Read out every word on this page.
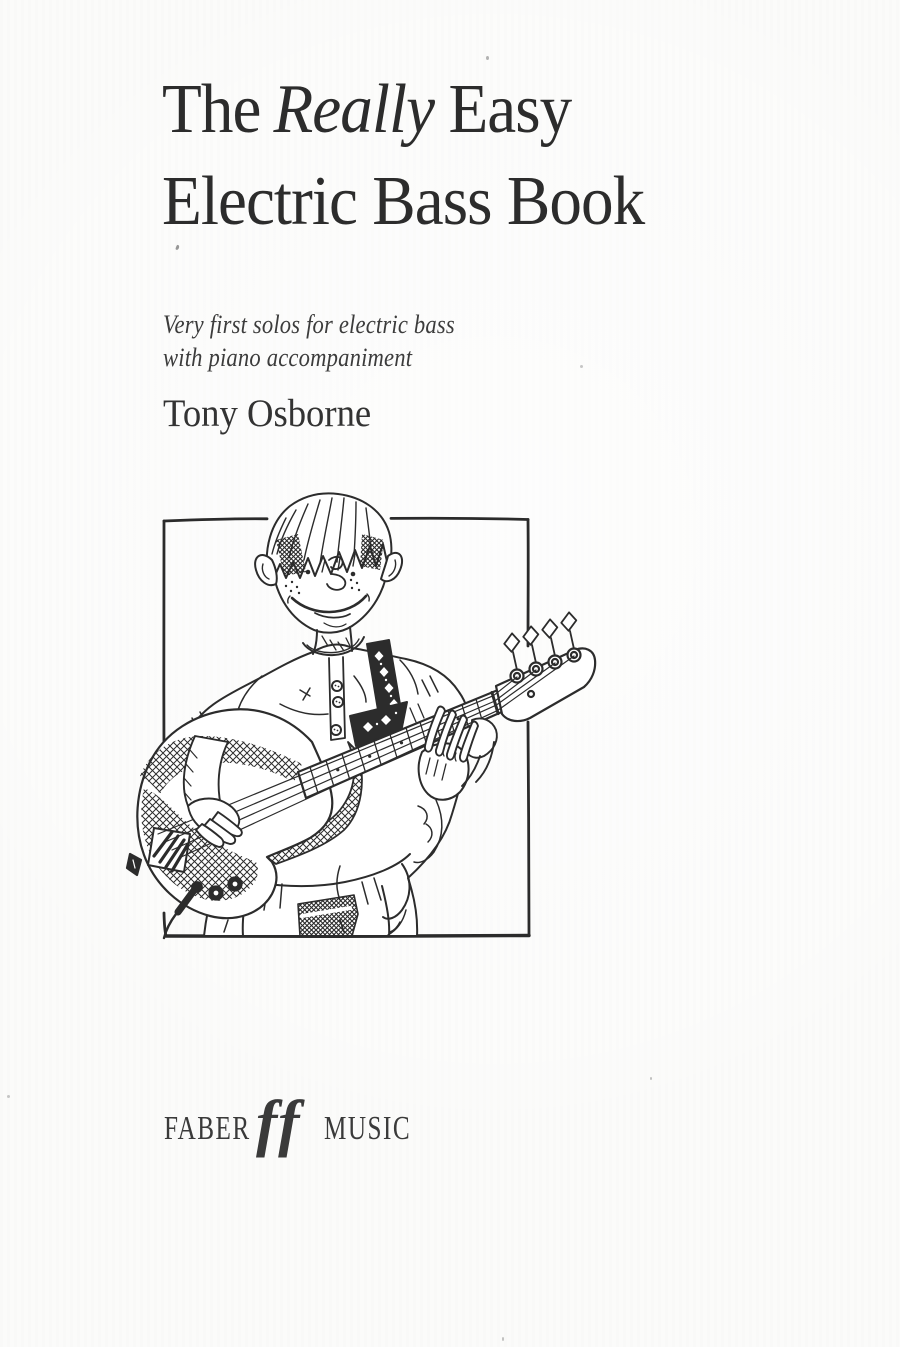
The Really Easy
Electric Bass Book
Very first solos for electric bass
with piano accompaniment
Tony Osborne
FABER ff MUSIC
